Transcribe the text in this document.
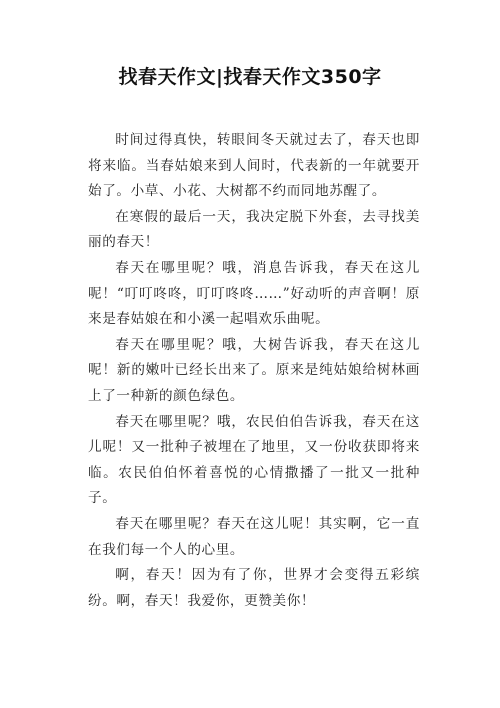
找春天作文|找春天作文350字

时间过得真快，转眼间冬天就过去了，春天也即将来临。当春姑娘来到人间时，代表新的一年就要开始了。小草、小花、大树都不约而同地苏醒了。

在寒假的最后一天，我决定脱下外套，去寻找美丽的春天！

春天在哪里呢？哦，消息告诉我，春天在这儿呢！“叮叮咚咚，叮叮咚咚……”好动听的声音啊！原来是春姑娘在和小溪一起唱欢乐曲呢。

春天在哪里呢？哦，大树告诉我，春天在这儿呢！新的嫩叶已经长出来了。原来是纯姑娘给树林画上了一种新的颜色绿色。

春天在哪里呢？哦，农民伯伯告诉我，春天在这儿呢！又一批种子被埋在了地里，又一份收获即将来临。农民伯伯怀着喜悦的心情撒播了一批又一批种子。

春天在哪里呢？春天在这儿呢！其实啊，它一直在我们每一个人的心里。

啊，春天！因为有了你，世界才会变得五彩缤纷。啊，春天！我爱你，更赞美你！
